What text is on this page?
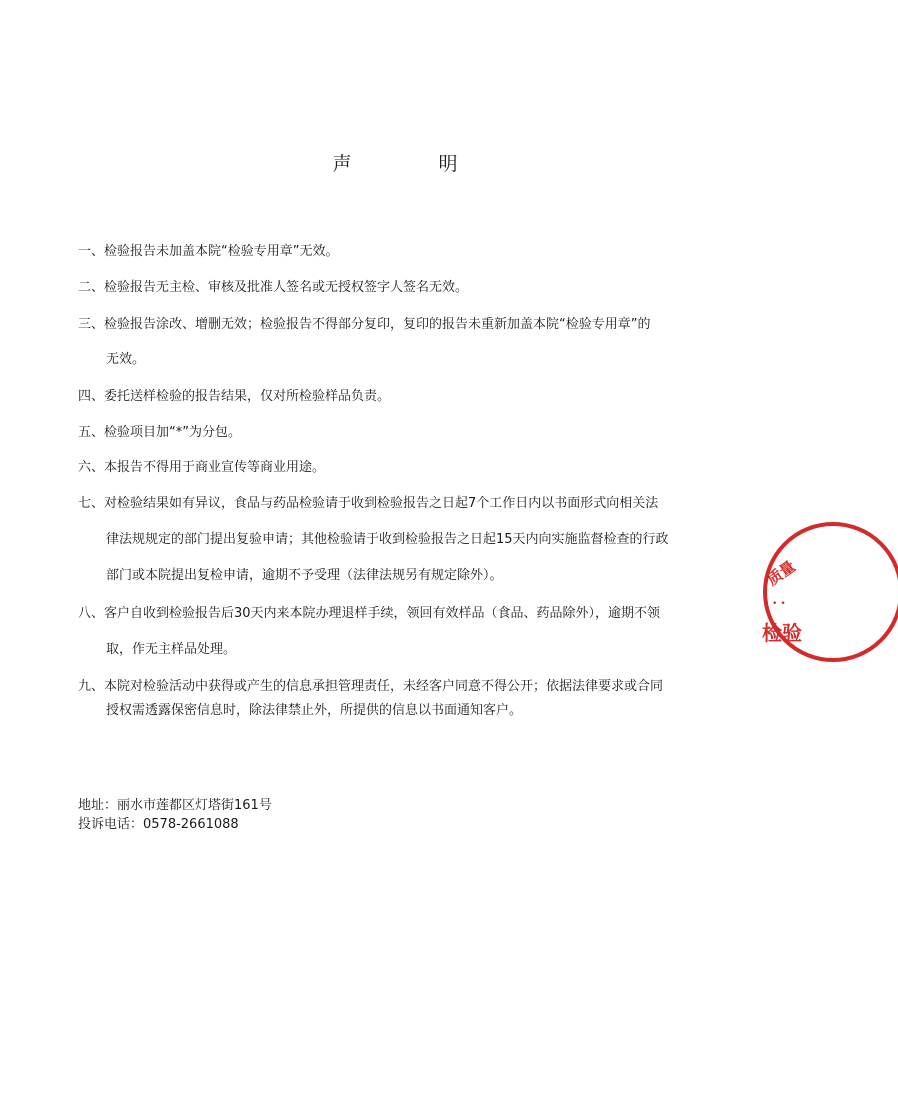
声　明

一、检验报告未加盖本院“检验专用章”无效。

二、检验报告无主检、审核及批准人签名或无授权签字人签名无效。

三、检验报告涂改、增删无效；检验报告不得部分复印，复印的报告未重新加盖本院“检验专用章”的
无效。

四、委托送样检验的报告结果，仅对所检验样品负责。

五、检验项目加“*”为分包。

六、本报告不得用于商业宣传等商业用途。

七、对检验结果如有异议，食品与药品检验请于收到检验报告之日起7个工作日内以书面形式向相关法
律法规规定的部门提出复验申请；其他检验请于收到检验报告之日起15天内向实施监督检查的行政
部门或本院提出复检申请，逾期不予受理（法律法规另有规定除外）。

八、客户自收到检验报告后30天内来本院办理退样手续，领回有效样品（食品、药品除外），逾期不领
取，作无主样品处理。

九、本院对检验活动中获得或产生的信息承担管理责任，未经客户同意不得公开；依据法律要求或合同
授权需透露保密信息时，除法律禁止外，所提供的信息以书面通知客户。

地址：丽水市莲都区灯塔街161号
投诉电话：0578-2661088
检验
质量
• • •
